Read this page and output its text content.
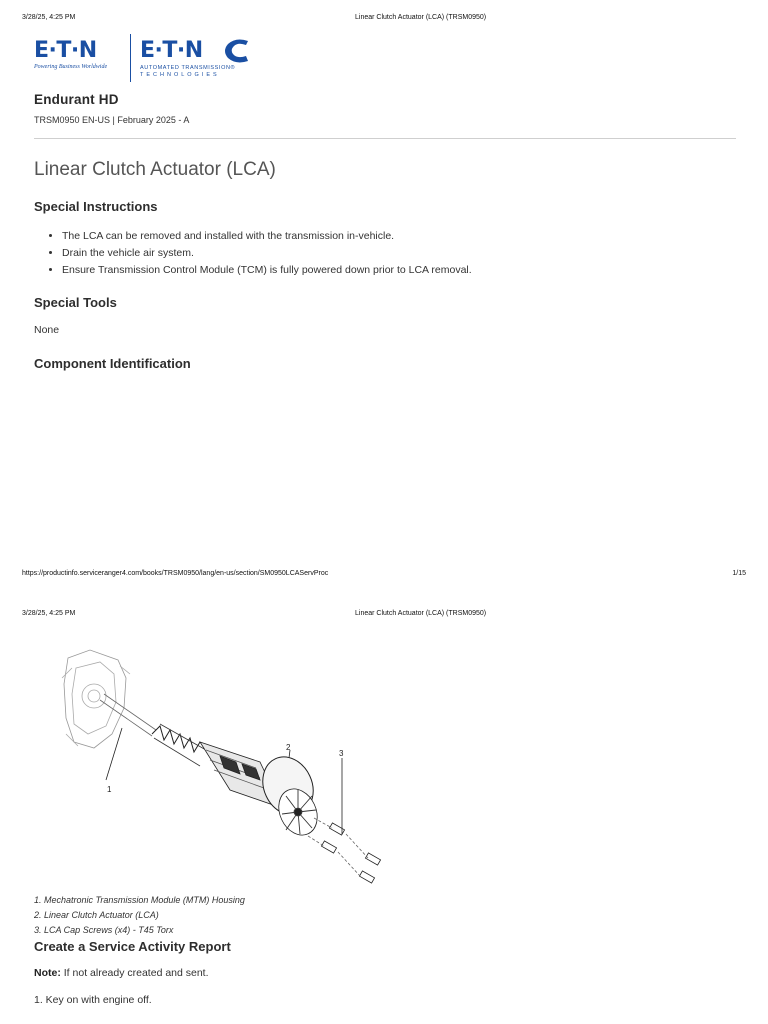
3/28/25, 4:25 PM	Linear Clutch Actuator (LCA) (TRSM0950)
E·T·N
Powering Business Worldwide
E·T·N
AUTOMATED TRANSMISSION®
TECHNOLOGIES
Endurant HD
TRSM0950 EN-US | February 2025 - A
Linear Clutch Actuator (LCA)
Special Instructions
• The LCA can be removed and installed with the transmission in-vehicle.
• Drain the vehicle air system.
• Ensure Transmission Control Module (TCM) is fully powered down prior to LCA removal.
Special Tools
None
Component Identification
https://productinfo.serviceranger4.com/books/TRSM0950/lang/en-us/section/SM0950LCAServProc	1/15
3/28/25, 4:25 PM	Linear Clutch Actuator (LCA) (TRSM0950)
1
2
3
1. Mechatronic Transmission Module (MTM) Housing
2. Linear Clutch Actuator (LCA)
3. LCA Cap Screws (x4) - T45 Torx
Create a Service Activity Report
Note: If not already created and sent.
1. Key on with engine off.
